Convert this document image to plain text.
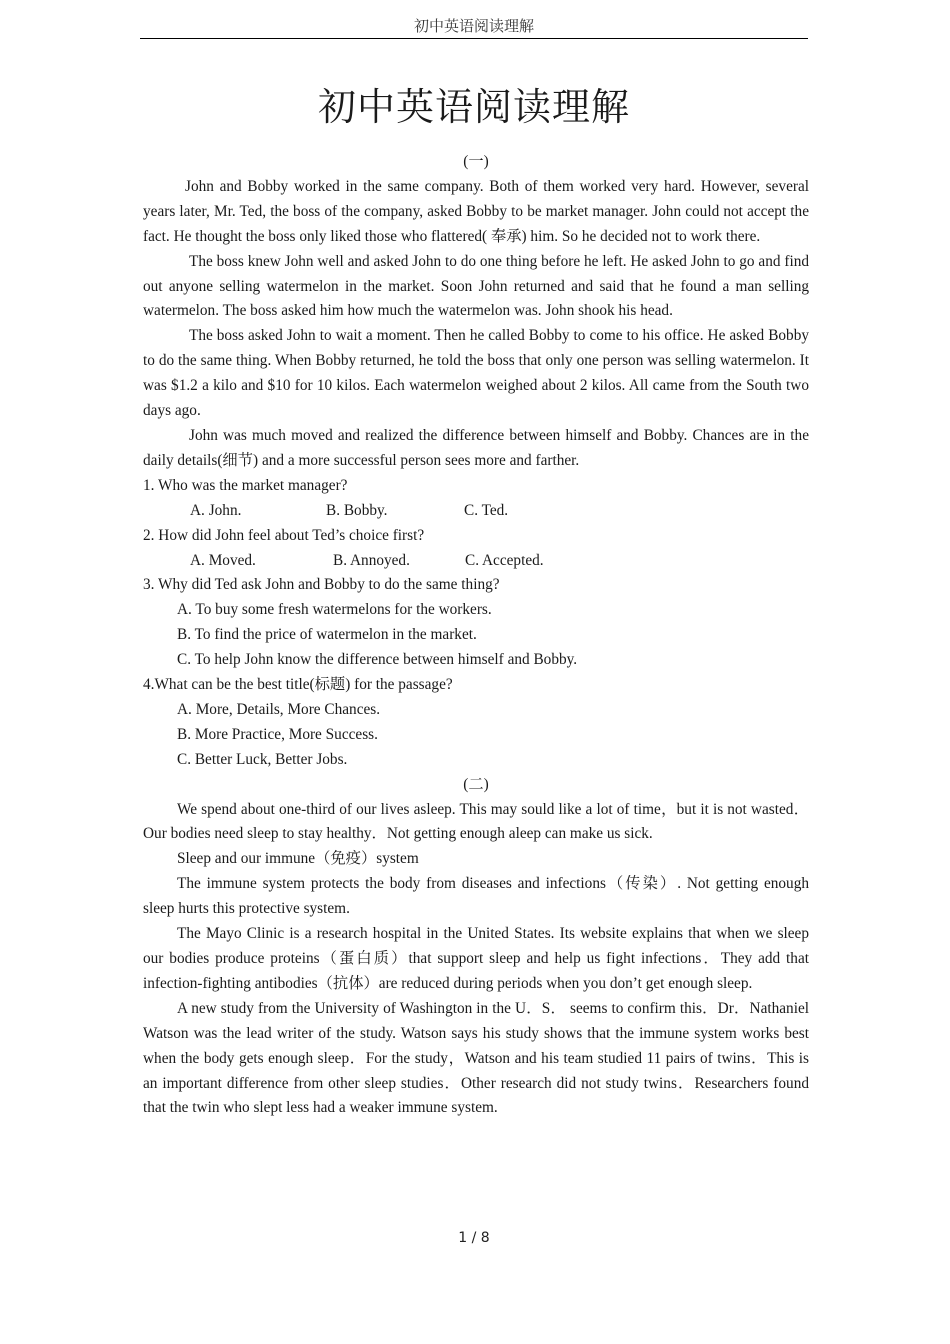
初中英语阅读理解
初中英语阅读理解

(一)

John and Bobby worked in the same company. Both of them worked very hard. However, several years later, Mr. Ted, the boss of the company, asked Bobby to be market manager. John could not accept the fact. He thought the boss only liked those who flattered( 奉承) him. So he decided not to work there.

The boss knew John well and asked John to do one thing before he left. He asked John to go and find out anyone selling watermelon in the market. Soon John returned and said that he found a man selling watermelon. The boss asked him how much the watermelon was. John shook his head.

The boss asked John to wait a moment. Then he called Bobby to come to his office. He asked Bobby to do the same thing. When Bobby returned, he told the boss that only one person was selling watermelon. It was $1.2 a kilo and $10 for 10 kilos. Each watermelon weighed about 2 kilos. All came from the South two days ago.

John was much moved and realized the difference between himself and Bobby. Chances are in the daily details(细节) and a more successful person sees more and farther.

1. Who was the market manager?

A. John.	B. Bobby.	C. Ted.

2. How did John feel about Ted’s choice first?

A. Moved.	B. Annoyed.	C. Accepted.

3. Why did Ted ask John and Bobby to do the same thing?

A. To buy some fresh watermelons for the workers.

B. To find the price of watermelon in the market.

C. To help John know the difference between himself and Bobby.

4.What can be the best title(标题) for the passage?

A. More, Details, More Chances.

B. More Practice, More Success.

C. Better Luck, Better Jobs.

(二)

We spend about one-third of our lives asleep. This may sould like a lot of time，but it is not wasted．Our bodies need sleep to stay healthy．Not getting enough aleep can make us sick.

Sleep and our immune（免疫）system

The immune system protects the body from diseases and infections（传染）. Not getting enough sleep hurts this protective system.

The Mayo Clinic is a research hospital in the United States. Its website explains that when we sleep our bodies produce proteins（蛋白质）that support sleep and help us fight infections．They add that infection-fighting antibodies（抗体）are reduced during periods when you don’t get enough sleep.

A new study from the University of Washington in the U．S． seems to confirm this．Dr．Nathaniel Watson was the lead writer of the study. Watson says his study shows that the immune system works best when the body gets enough sleep．For the study，Watson and his team studied 11 pairs of twins．This is an important difference from other sleep studies．Other research did not study twins．Researchers found that the twin who slept less had a weaker immune system.

1 / 8
